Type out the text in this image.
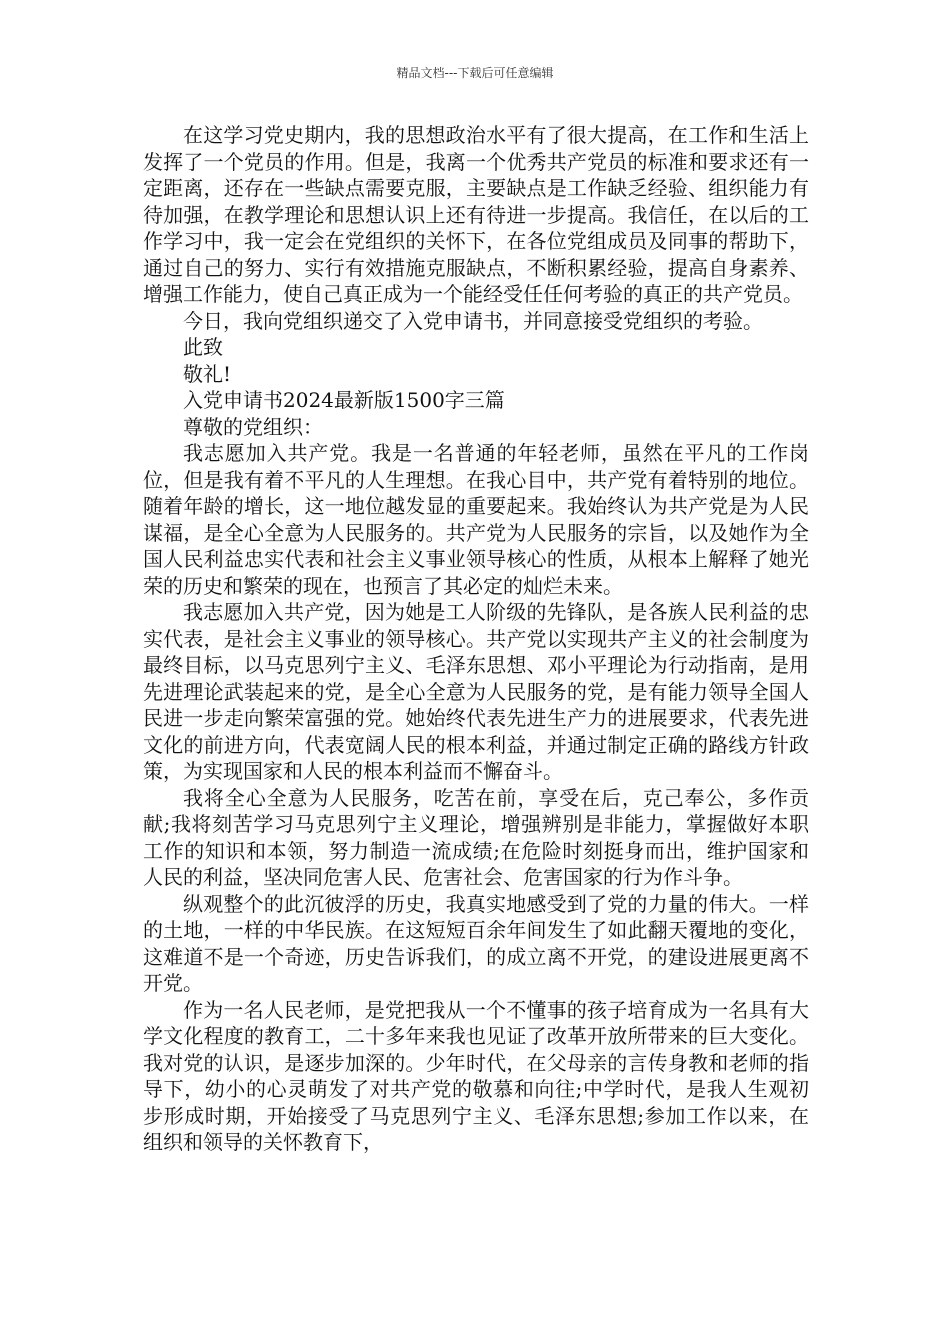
精品文档---下载后可任意编辑

在这学习党史期内，我的思想政治水平有了很大提高，在工作和生活上发挥了一个党员的作用。但是，我离一个优秀共产党员的标准和要求还有一定距离，还存在一些缺点需要克服，主要缺点是工作缺乏经验、组织能力有待加强，在教学理论和思想认识上还有待进一步提高。我信任，在以后的工作学习中，我一定会在党组织的关怀下，在各位党组成员及同事的帮助下，通过自己的努力、实行有效措施克服缺点，不断积累经验，提高自身素养、增强工作能力，使自己真正成为一个能经受任任何考验的真正的共产党员。

今日，我向党组织递交了入党申请书，并同意接受党组织的考验。

此致

敬礼!

入党申请书2024最新版1500字三篇

尊敬的党组织：

我志愿加入共产党。我是一名普通的年轻老师，虽然在平凡的工作岗位，但是我有着不平凡的人生理想。在我心目中，共产党有着特别的地位。随着年龄的增长，这一地位越发显的重要起来。我始终认为共产党是为人民谋福，是全心全意为人民服务的。共产党为人民服务的宗旨，以及她作为全国人民利益忠实代表和社会主义事业领导核心的性质，从根本上解释了她光荣的历史和繁荣的现在，也预言了其必定的灿烂未来。

我志愿加入共产党，因为她是工人阶级的先锋队，是各族人民利益的忠实代表，是社会主义事业的领导核心。共产党以实现共产主义的社会制度为最终目标，以马克思列宁主义、毛泽东思想、邓小平理论为行动指南，是用先进理论武装起来的党，是全心全意为人民服务的党，是有能力领导全国人民进一步走向繁荣富强的党。她始终代表先进生产力的进展要求，代表先进文化的前进方向，代表宽阔人民的根本利益，并通过制定正确的路线方针政策，为实现国家和人民的根本利益而不懈奋斗。

我将全心全意为人民服务，吃苦在前，享受在后，克己奉公，多作贡献;我将刻苦学习马克思列宁主义理论，增强辨别是非能力，掌握做好本职工作的知识和本领，努力制造一流成绩;在危险时刻挺身而出，维护国家和人民的利益，坚决同危害人民、危害社会、危害国家的行为作斗争。

纵观整个的此沉彼浮的历史，我真实地感受到了党的力量的伟大。一样的土地，一样的中华民族。在这短短百余年间发生了如此翻天覆地的变化，这难道不是一个奇迹，历史告诉我们，的成立离不开党，的建设进展更离不开党。

作为一名人民老师，是党把我从一个不懂事的孩子培育成为一名具有大学文化程度的教育工，二十多年来我也见证了改革开放所带来的巨大变化。我对党的认识，是逐步加深的。少年时代，在父母亲的言传身教和老师的指导下，幼小的心灵萌发了对共产党的敬慕和向往;中学时代，是我人生观初步形成时期，开始接受了马克思列宁主义、毛泽东思想;参加工作以来，在组织和领导的关怀教育下，
